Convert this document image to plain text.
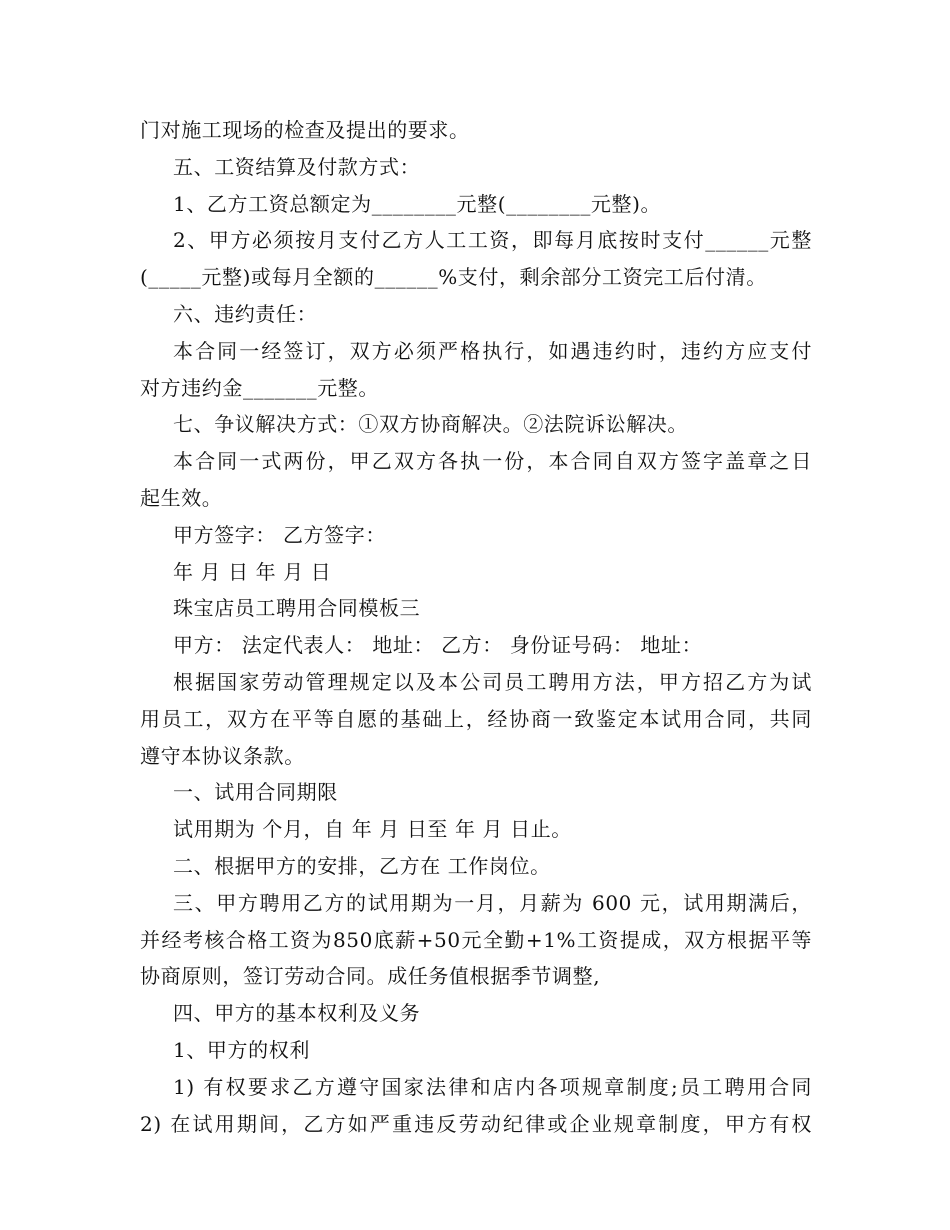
门对施工现场的检查及提出的要求。
五、工资结算及付款方式：
1、乙方工资总额定为________元整(________元整)。
2、甲方必须按月支付乙方人工工资，即每月底按时支付______元整
(_____元整)或每月全额的______%支付，剩余部分工资完工后付清。
六、违约责任：
本合同一经签订，双方必须严格执行，如遇违约时，违约方应支付
对方违约金_______元整。
七、争议解决方式：①双方协商解决。②法院诉讼解决。
本合同一式两份，甲乙双方各执一份，本合同自双方签字盖章之日
起生效。
甲方签字： 乙方签字：
年 月 日 年 月 日
珠宝店员工聘用合同模板三
甲方： 法定代表人： 地址： 乙方： 身份证号码： 地址：
根据国家劳动管理规定以及本公司员工聘用方法，甲方招乙方为试
用员工，双方在平等自愿的基础上，经协商一致鉴定本试用合同，共同
遵守本协议条款。
一、试用合同期限
试用期为 个月，自 年 月 日至 年 月 日止。
二、根据甲方的安排，乙方在 工作岗位。
三、甲方聘用乙方的试用期为一月，月薪为 600 元，试用期满后，
并经考核合格工资为850底薪+50元全勤+1%工资提成，双方根据平等
协商原则，签订劳动合同。成任务值根据季节调整,
四、甲方的基本权利及义务
1、甲方的权利
1) 有权要求乙方遵守国家法律和店内各项规章制度;员工聘用合同
2) 在试用期间，乙方如严重违反劳动纪律或企业规章制度，甲方有权
